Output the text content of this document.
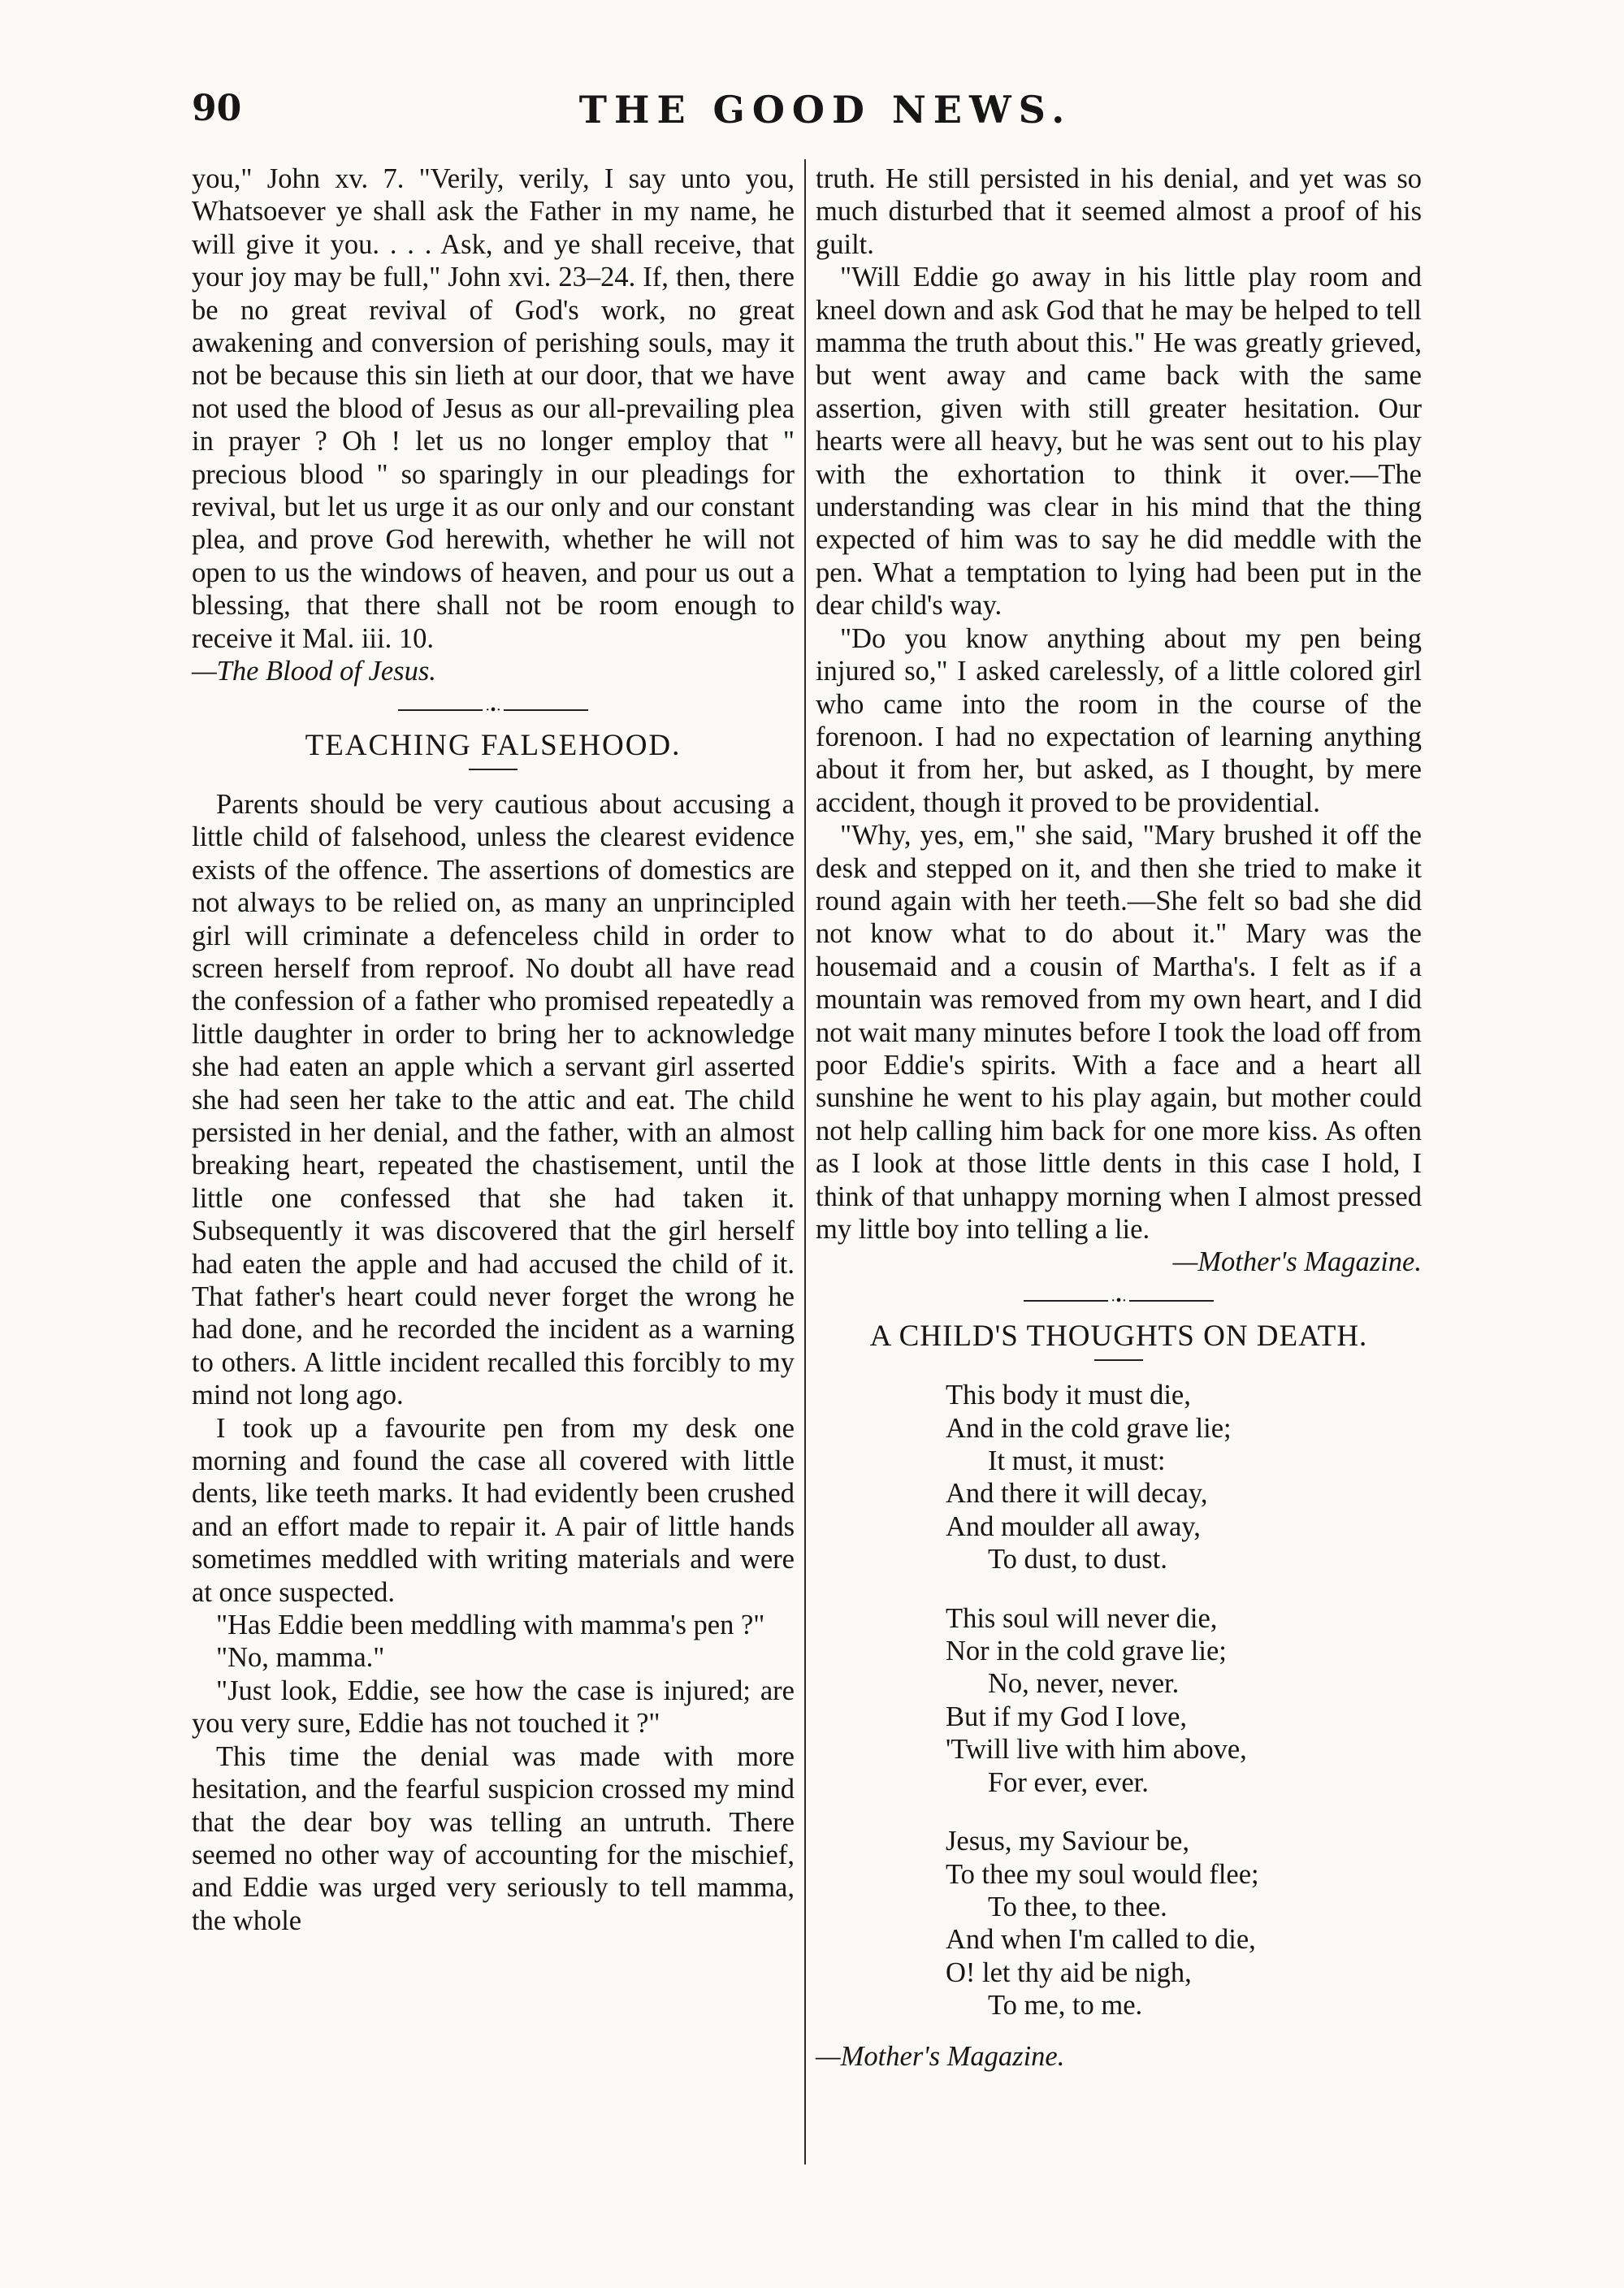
90	THE GOOD NEWS.

you," John xv. 7. "Verily, verily, I say unto you, Whatsoever ye shall ask the Father in my name, he will give it you. . . . Ask, and ye shall receive, that your joy may be full," John xvi. 23–24. If, then, there be no great revival of God's work, no great awakening and conversion of perishing souls, may it not be because this sin lieth at our door, that we have not used the blood of Jesus as our all-prevailing plea in prayer ? Oh ! let us no longer employ that " precious blood " so sparingly in our pleadings for revival, but let us urge it as our only and our constant plea, and prove God herewith, whether he will not open to us the windows of heaven, and pour us out a blessing, that there shall not be room enough to receive it Mal. iii. 10.

—The Blood of Jesus.

·•·
TEACHING FALSEHOOD.

Parents should be very cautious about accusing a little child of falsehood, unless the clearest evidence exists of the offence. The assertions of domestics are not always to be relied on, as many an unprincipled girl will criminate a defenceless child in order to screen herself from reproof. No doubt all have read the confession of a father who promised repeatedly a little daughter in order to bring her to acknowledge she had eaten an apple which a servant girl asserted she had seen her take to the attic and eat. The child persisted in her denial, and the father, with an almost breaking heart, repeated the chastisement, until the little one confessed that she had taken it. Subsequently it was discovered that the girl herself had eaten the apple and had accused the child of it. That father's heart could never forget the wrong he had done, and he recorded the incident as a warning to others. A little incident recalled this forcibly to my mind not long ago.

I took up a favourite pen from my desk one morning and found the case all covered with little dents, like teeth marks. It had evidently been crushed and an effort made to repair it. A pair of little hands sometimes meddled with writing materials and were at once suspected.

"Has Eddie been meddling with mamma's pen ?"

"No, mamma."

"Just look, Eddie, see how the case is injured; are you very sure, Eddie has not touched it ?"

This time the denial was made with more hesitation, and the fearful suspicion crossed my mind that the dear boy was telling an untruth. There seemed no other way of accounting for the mischief, and Eddie was urged very seriously to tell mamma, the whole

truth. He still persisted in his denial, and yet was so much disturbed that it seemed almost a proof of his guilt.

"Will Eddie go away in his little play room and kneel down and ask God that he may be helped to tell mamma the truth about this." He was greatly grieved, but went away and came back with the same assertion, given with still greater hesitation. Our hearts were all heavy, but he was sent out to his play with the exhortation to think it over.—The understanding was clear in his mind that the thing expected of him was to say he did meddle with the pen. What a temptation to lying had been put in the dear child's way.

"Do you know anything about my pen being injured so," I asked carelessly, of a little colored girl who came into the room in the course of the forenoon. I had no expectation of learning anything about it from her, but asked, as I thought, by mere accident, though it proved to be providential.

"Why, yes, em," she said, "Mary brushed it off the desk and stepped on it, and then she tried to make it round again with her teeth.—She felt so bad she did not know what to do about it." Mary was the housemaid and a cousin of Martha's. I felt as if a mountain was removed from my own heart, and I did not wait many minutes before I took the load off from poor Eddie's spirits. With a face and a heart all sunshine he went to his play again, but mother could not help calling him back for one more kiss. As often as I look at those little dents in this case I hold, I think of that unhappy morning when I almost pressed my little boy into telling a lie.

—Mother's Magazine.

·•·
A CHILD'S THOUGHTS ON DEATH.
This body it must die,
And in the cold grave lie;
It must, it must:
And there it will decay,
And moulder all away,
To dust, to dust.
This soul will never die,
Nor in the cold grave lie;
No, never, never.
But if my God I love,
'Twill live with him above,
For ever, ever.
Jesus, my Saviour be,
To thee my soul would flee;
To thee, to thee.
And when I'm called to die,
O! let thy aid be nigh,
To me, to me.

—Mother's Magazine.
